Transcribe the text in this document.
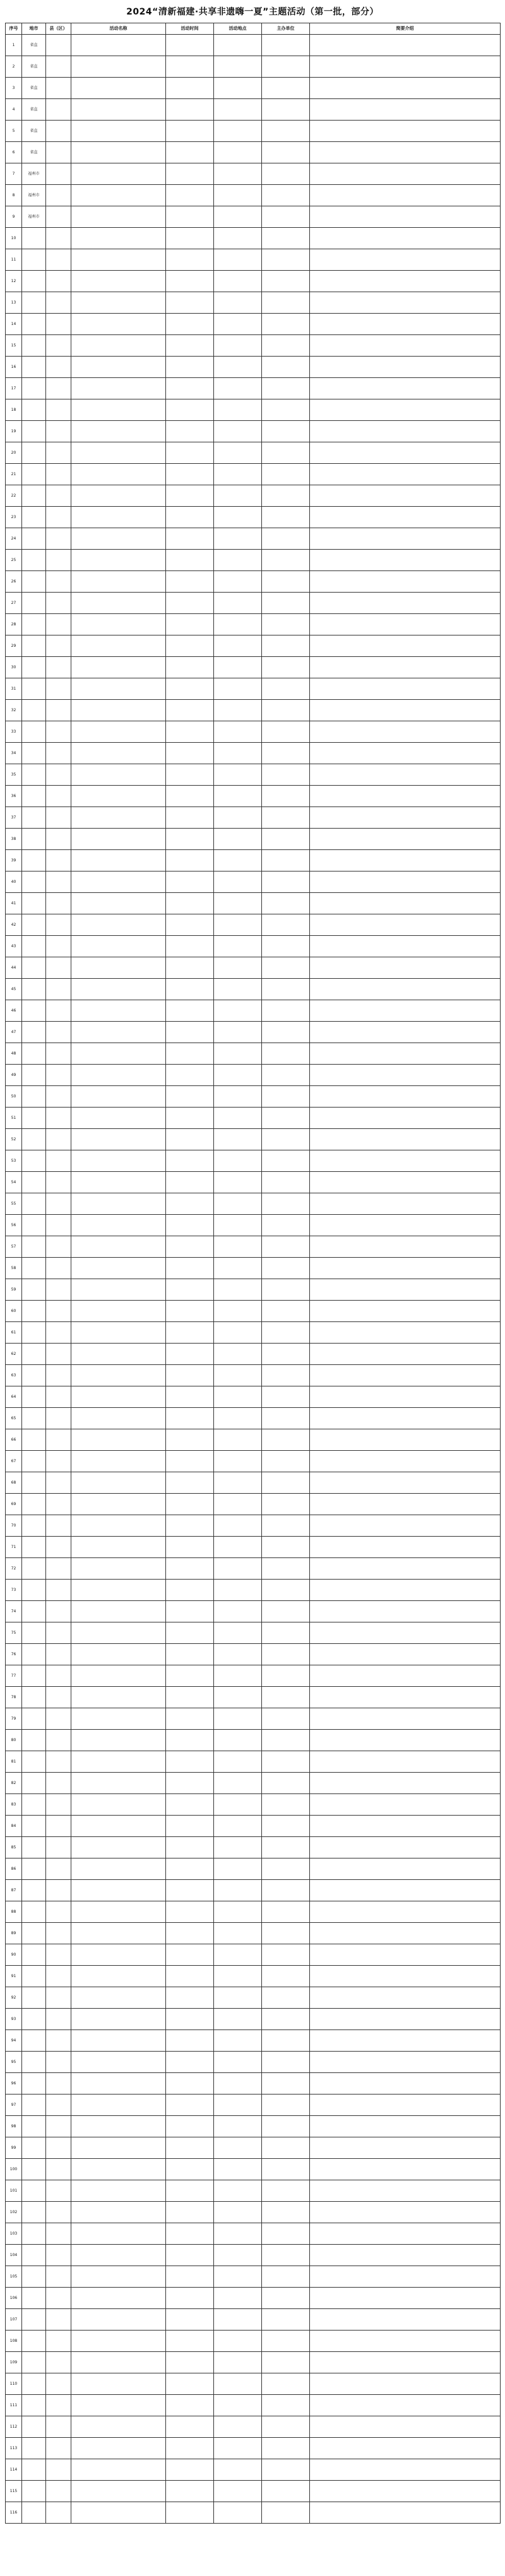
2024“清新福建·共享非遗嗨一夏”主题活动（第一批，部分）
序号	地市	县（区）	活动名称	活动时间	活动地点	主办单位	简要介绍
1	省直						
2	省直						
3	省直						
4	省直						
5	省直						
6	省直						
7	福州市						
8	福州市						
9	福州市						
10							
11							
12							
13							
14							
15							
16							
17							
18							
19							
20							
21							
22							
23							
24							
25							
26							
27							
28							
29							
30							
31							
32							
33							
34							
35							
36							
37							
38							
39							
40							
41							
42							
43							
44							
45							
46							
47							
48							
49							
50							
51							
52							
53							
54							
55							
56							
57							
58							
59							
60							
61							
62							
63							
64							
65							
66							
67							
68							
69							
70							
71							
72							
73							
74							
75							
76							
77							
78							
79							
80							
81							
82							
83							
84							
85							
86							
87							
88							
89							
90							
91							
92							
93							
94							
95							
96							
97							
98							
99							
100							
101							
102							
103							
104							
105							
106							
107							
108							
109							
110							
111							
112							
113							
114							
115							
116							
